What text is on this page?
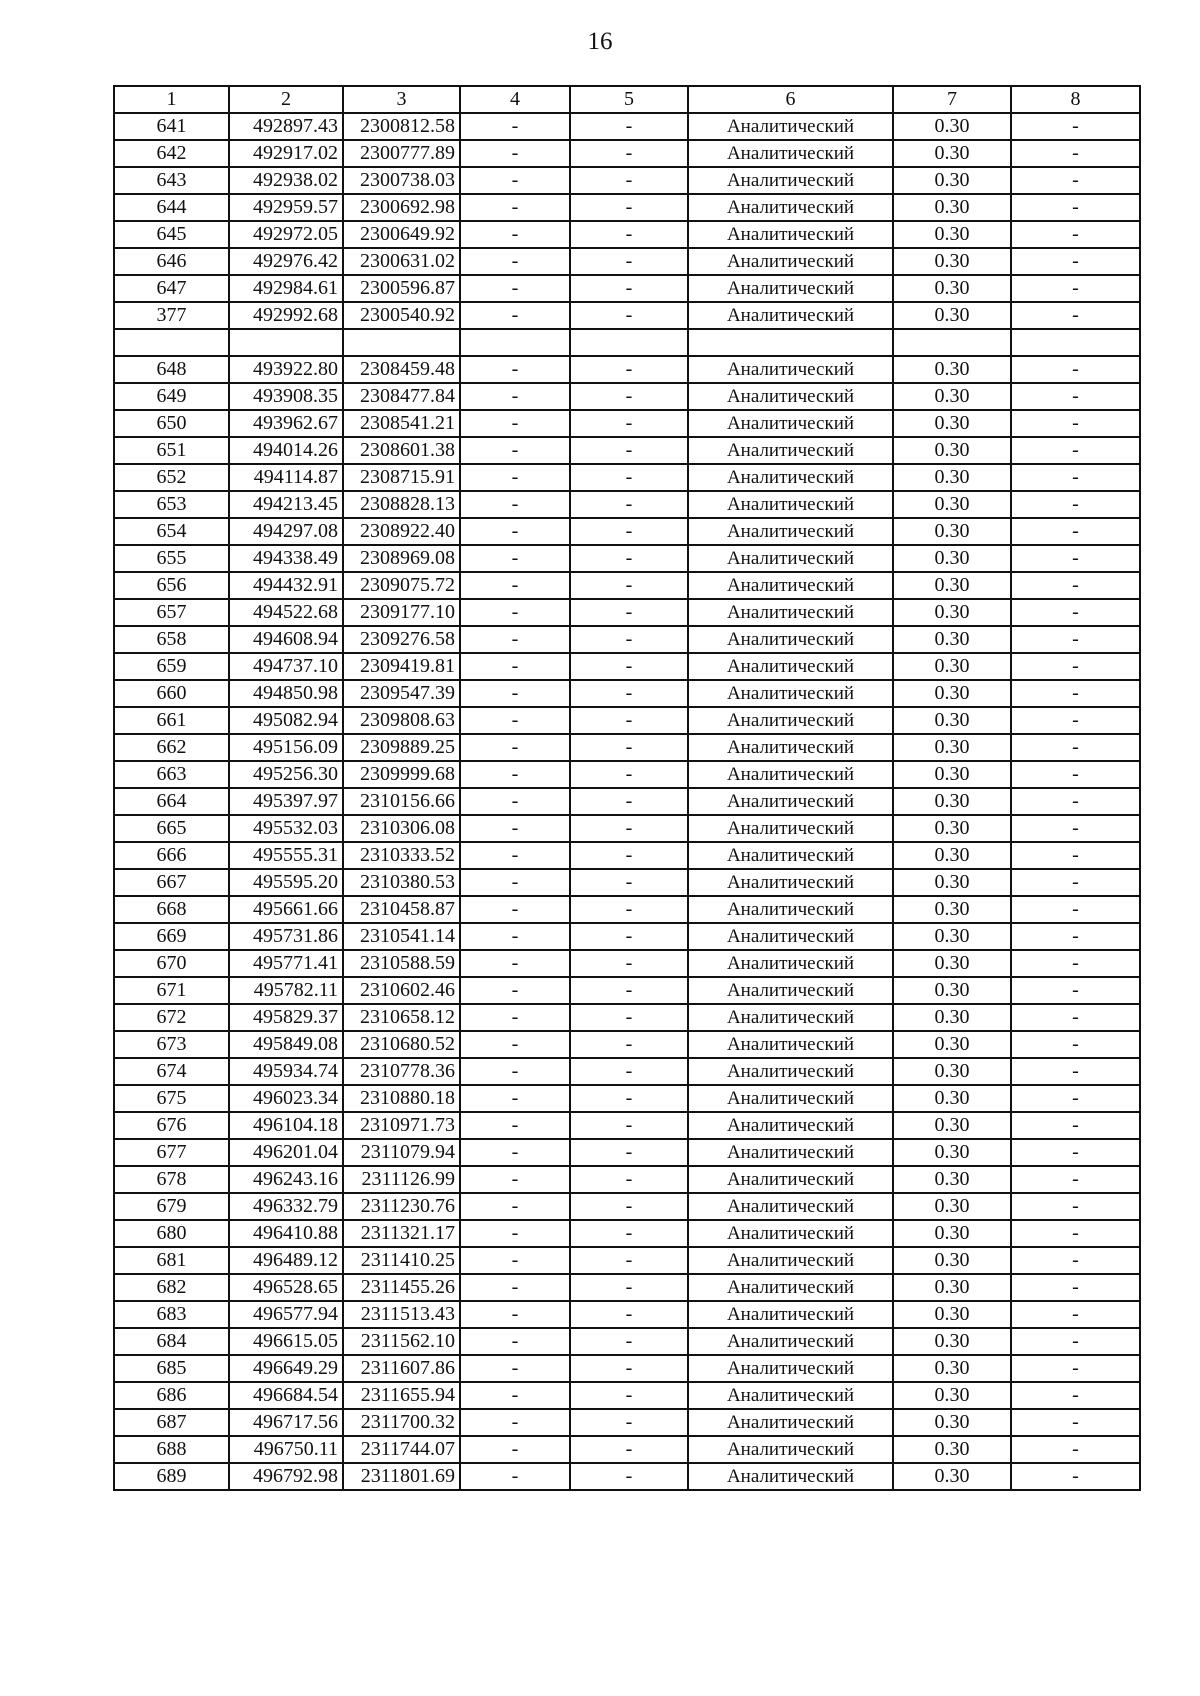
16
1	2	3	4	5	6	7	8
641	492897.43	2300812.58	-	-	Аналитический	0.30	-
642	492917.02	2300777.89	-	-	Аналитический	0.30	-
643	492938.02	2300738.03	-	-	Аналитический	0.30	-
644	492959.57	2300692.98	-	-	Аналитический	0.30	-
645	492972.05	2300649.92	-	-	Аналитический	0.30	-
646	492976.42	2300631.02	-	-	Аналитический	0.30	-
647	492984.61	2300596.87	-	-	Аналитический	0.30	-
377	492992.68	2300540.92	-	-	Аналитический	0.30	-

648	493922.80	2308459.48	-	-	Аналитический	0.30	-
649	493908.35	2308477.84	-	-	Аналитический	0.30	-
650	493962.67	2308541.21	-	-	Аналитический	0.30	-
651	494014.26	2308601.38	-	-	Аналитический	0.30	-
652	494114.87	2308715.91	-	-	Аналитический	0.30	-
653	494213.45	2308828.13	-	-	Аналитический	0.30	-
654	494297.08	2308922.40	-	-	Аналитический	0.30	-
655	494338.49	2308969.08	-	-	Аналитический	0.30	-
656	494432.91	2309075.72	-	-	Аналитический	0.30	-
657	494522.68	2309177.10	-	-	Аналитический	0.30	-
658	494608.94	2309276.58	-	-	Аналитический	0.30	-
659	494737.10	2309419.81	-	-	Аналитический	0.30	-
660	494850.98	2309547.39	-	-	Аналитический	0.30	-
661	495082.94	2309808.63	-	-	Аналитический	0.30	-
662	495156.09	2309889.25	-	-	Аналитический	0.30	-
663	495256.30	2309999.68	-	-	Аналитический	0.30	-
664	495397.97	2310156.66	-	-	Аналитический	0.30	-
665	495532.03	2310306.08	-	-	Аналитический	0.30	-
666	495555.31	2310333.52	-	-	Аналитический	0.30	-
667	495595.20	2310380.53	-	-	Аналитический	0.30	-
668	495661.66	2310458.87	-	-	Аналитический	0.30	-
669	495731.86	2310541.14	-	-	Аналитический	0.30	-
670	495771.41	2310588.59	-	-	Аналитический	0.30	-
671	495782.11	2310602.46	-	-	Аналитический	0.30	-
672	495829.37	2310658.12	-	-	Аналитический	0.30	-
673	495849.08	2310680.52	-	-	Аналитический	0.30	-
674	495934.74	2310778.36	-	-	Аналитический	0.30	-
675	496023.34	2310880.18	-	-	Аналитический	0.30	-
676	496104.18	2310971.73	-	-	Аналитический	0.30	-
677	496201.04	2311079.94	-	-	Аналитический	0.30	-
678	496243.16	2311126.99	-	-	Аналитический	0.30	-
679	496332.79	2311230.76	-	-	Аналитический	0.30	-
680	496410.88	2311321.17	-	-	Аналитический	0.30	-
681	496489.12	2311410.25	-	-	Аналитический	0.30	-
682	496528.65	2311455.26	-	-	Аналитический	0.30	-
683	496577.94	2311513.43	-	-	Аналитический	0.30	-
684	496615.05	2311562.10	-	-	Аналитический	0.30	-
685	496649.29	2311607.86	-	-	Аналитический	0.30	-
686	496684.54	2311655.94	-	-	Аналитический	0.30	-
687	496717.56	2311700.32	-	-	Аналитический	0.30	-
688	496750.11	2311744.07	-	-	Аналитический	0.30	-
689	496792.98	2311801.69	-	-	Аналитический	0.30	-
